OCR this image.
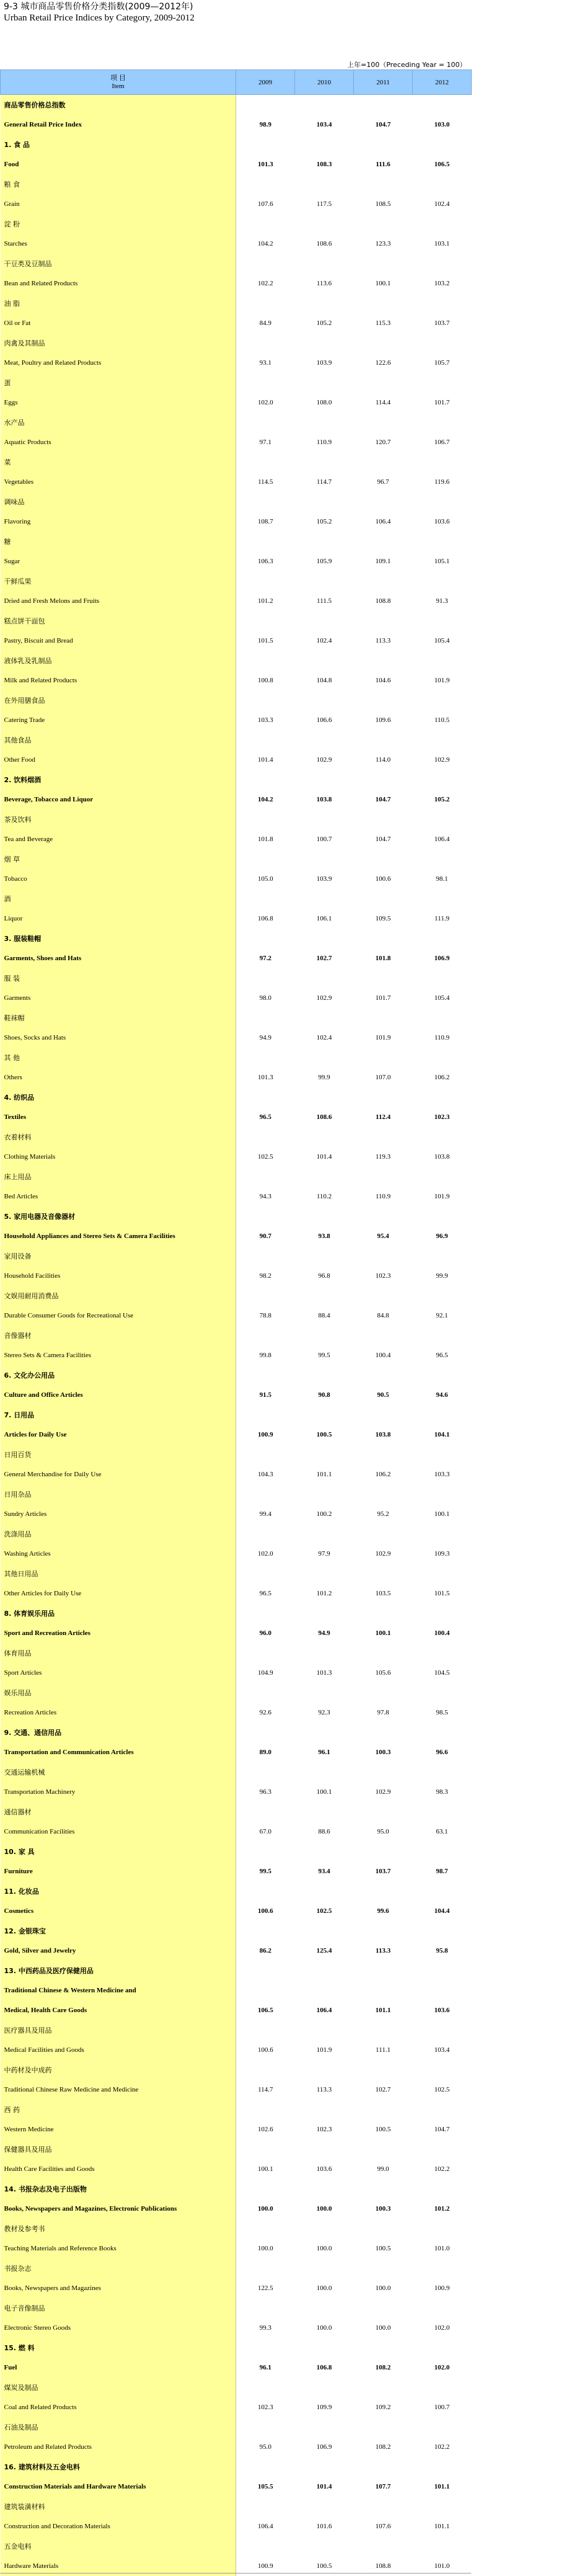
9-3 城市商品零售价格分类指数(2009—2012年)
Urban Retail Price Indices by Category, 2009-2012
上年=100（Preceding Year = 100）
项 目
Item	2009	2010	2011	2012
商品零售价格总指数				
General Retail Price Index	98.9	103.4	104.7	103.0
1. 食 品				
Food	101.3	108.3	111.6	106.5
粮 食				
Grain	107.6	117.5	108.5	102.4
淀 粉				
Starches	104.2	108.6	123.3	103.1
干豆类及豆制品				
Bean and Related Products	102.2	113.6	100.1	103.2
油 脂				
Oil or Fat	84.9	105.2	115.3	103.7
肉禽及其制品				
Meat, Poultry and Related Products	93.1	103.9	122.6	105.7
蛋				
Eggs	102.0	108.0	114.4	101.7
水产品				
Aquatic Products	97.1	110.9	120.7	106.7
菜				
Vegetables	114.5	114.7	96.7	119.6
调味品				
Flavoring	108.7	105.2	106.4	103.6
糖				
Sugar	106.3	105.9	109.1	105.1
干鲜瓜果				
Dried and Fresh Melons and Fruits	101.2	111.5	108.8	91.3
糕点饼干面包				
Pastry, Biscuit and Bread	101.5	102.4	113.3	105.4
液体乳及乳制品				
Milk and Related Products	100.8	104.8	104.6	101.9
在外用膳食品				
Catering Trade	103.3	106.6	109.6	110.5
其他食品				
Other Food	101.4	102.9	114.0	102.9
2. 饮料烟酒				
Beverage, Tobacco and Liquor	104.2	103.8	104.7	105.2
茶及饮料				
Tea and Beverage	101.8	100.7	104.7	106.4
烟 草				
Tobacco	105.0	103.9	100.6	98.1
酒				
Liquor	106.8	106.1	109.5	111.9
3. 服装鞋帽				
Garments, Shoes and Hats	97.2	102.7	101.8	106.9
服 装				
Garments	98.0	102.9	101.7	105.4
鞋袜帽				
Shoes, Socks and Hats	94.9	102.4	101.9	110.9
其 他				
Others	101.3	99.9	107.0	106.2
4. 纺织品				
Textiles	96.5	108.6	112.4	102.3
衣着材料				
Clothing Materials	102.5	101.4	119.3	103.8
床上用品				
Bed Articles	94.3	110.2	110.9	101.9
5. 家用电器及音像器材				
Household Appliances and Stereo Sets & Camera Facilities	90.7	93.8	95.4	96.9
家用设备				
Household Facilities	98.2	96.8	102.3	99.9
文娱用耐用消费品				
Durable Consumer Goods for Recreational Use	78.8	88.4	84.8	92.1
音像器材				
Stereo Sets & Camera Facilities	99.8	99.5	100.4	96.5
6. 文化办公用品				
Culture and Office Articles	91.5	90.8	90.5	94.6
7. 日用品				
Articles for Daily Use	100.9	100.5	103.8	104.1
日用百货				
General Merchandise for Daily Use	104.3	101.1	106.2	103.3
日用杂品				
Sundry Articles	99.4	100.2	95.2	100.1
洗涤用品				
Washing Articles	102.0	97.9	102.9	109.3
其他日用品				
Other Articles for Daily Use	96.5	101.2	103.5	101.5
8. 体育娱乐用品				
Sport and Recreation Articles	96.0	94.9	100.1	100.4
体育用品				
Sport Articles	104.9	101.3	105.6	104.5
娱乐用品				
Recreation Articles	92.6	92.3	97.8	98.5
9. 交通、通信用品				
Transportation and Communication Articles	89.0	96.1	100.3	96.6
交通运输机械				
Transportation Machinery	96.3	100.1	102.9	98.3
通信器材				
Communication Facilities	67.0	88.6	95.0	63.1
10. 家 具				
Furniture	99.5	93.4	103.7	98.7
11. 化妆品				
Cosmetics	100.6	102.5	99.6	104.4
12. 金银珠宝				
Gold, Silver and Jewelry	86.2	125.4	113.3	95.8
13. 中西药品及医疗保健用品				
Traditional Chinese & Western Medicine and				
Medical, Health Care Goods	106.5	106.4	101.1	103.6
医疗器具及用品				
Medical Facilities and Goods	100.6	101.9	111.1	103.4
中药材及中成药				
Traditional Chinese Raw Medicine and Medicine	114.7	113.3	102.7	102.5
西 药				
Western Medicine	102.6	102.3	100.5	104.7
保健器具及用品				
Health Care Facilities and Goods	100.1	103.6	99.0	102.2
14. 书报杂志及电子出版物				
Books, Newspapers and Magazines, Electronic Publications	100.0	100.0	100.3	101.2
教材及参考书				
Teaching Materials and Reference Books	100.0	100.0	100.5	101.0
书报杂志				
Books, Newspapers and Magazines	122.5	100.0	100.0	100.9
电子音像制品				
Electronic Stereo Goods	99.3	100.0	100.0	102.0
15. 燃 料				
Fuel	96.1	106.8	108.2	102.0
煤炭及制品				
Coal and Related Products	102.3	109.9	109.2	100.7
石油及制品				
Petroleum and Related Products	95.0	106.9	108.2	102.2
16. 建筑材料及五金电料				
Construction Materials and Hardware Materials	105.5	101.4	107.7	101.1
建筑装潢材料				
Construction and Decoration Materials	106.4	101.6	107.6	101.1
五金电料				
Hardware Materials	100.9	100.5	108.8	101.0
